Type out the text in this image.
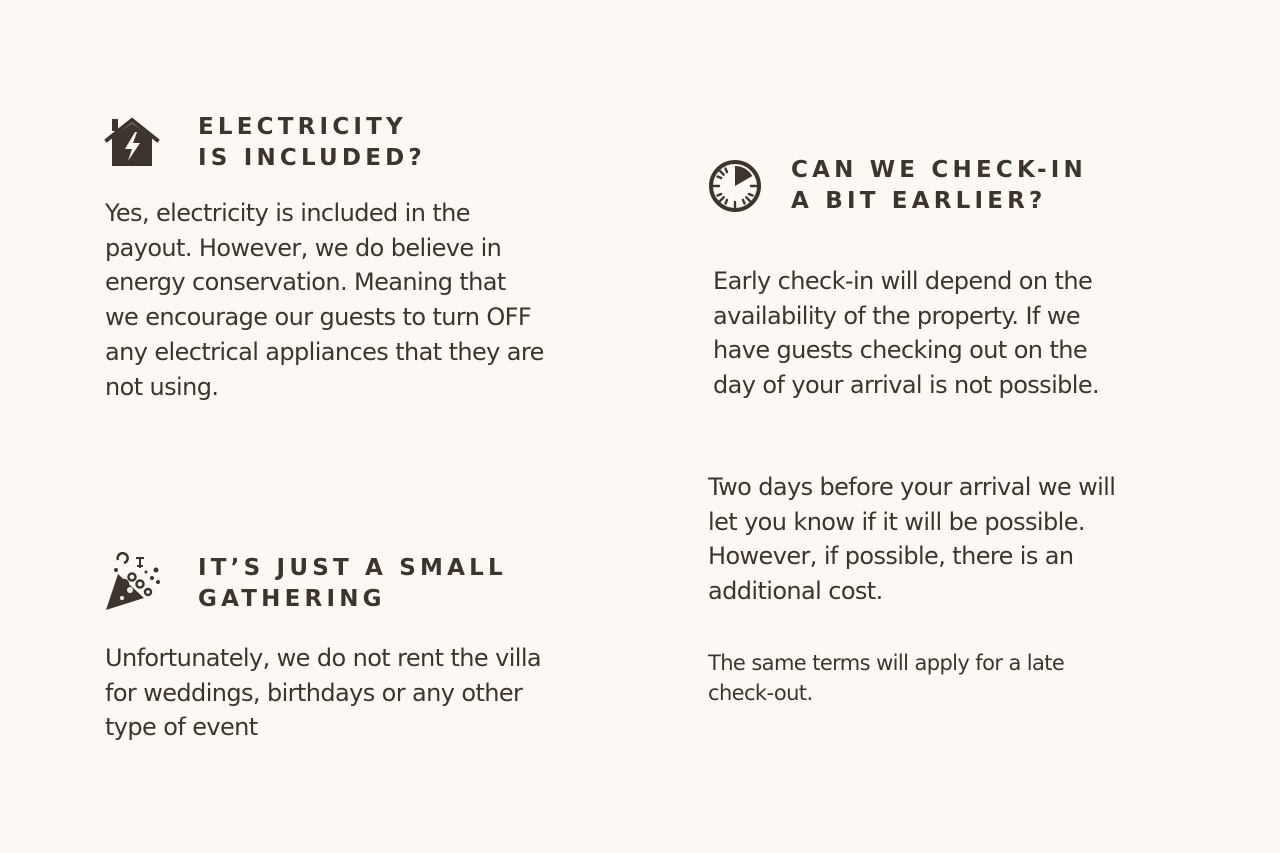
ELECTRICITY
IS INCLUDED?

Yes, electricity is included in the payout. However, we do believe in energy conservation. Meaning that we encourage our guests to turn OFF any electrical appliances that they are not using.

IT’S JUST A SMALL
GATHERING

Unfortunately, we do not rent the villa for weddings, birthdays or any other type of event

CAN WE CHECK-IN
A BIT EARLIER?

Early check-in will depend on the availability of the property. If we have guests checking out on the day of your arrival is not possible.

Two days before your arrival we will let you know if it will be possible. However, if possible, there is an additional cost.

The same terms will apply for a late check-out.
